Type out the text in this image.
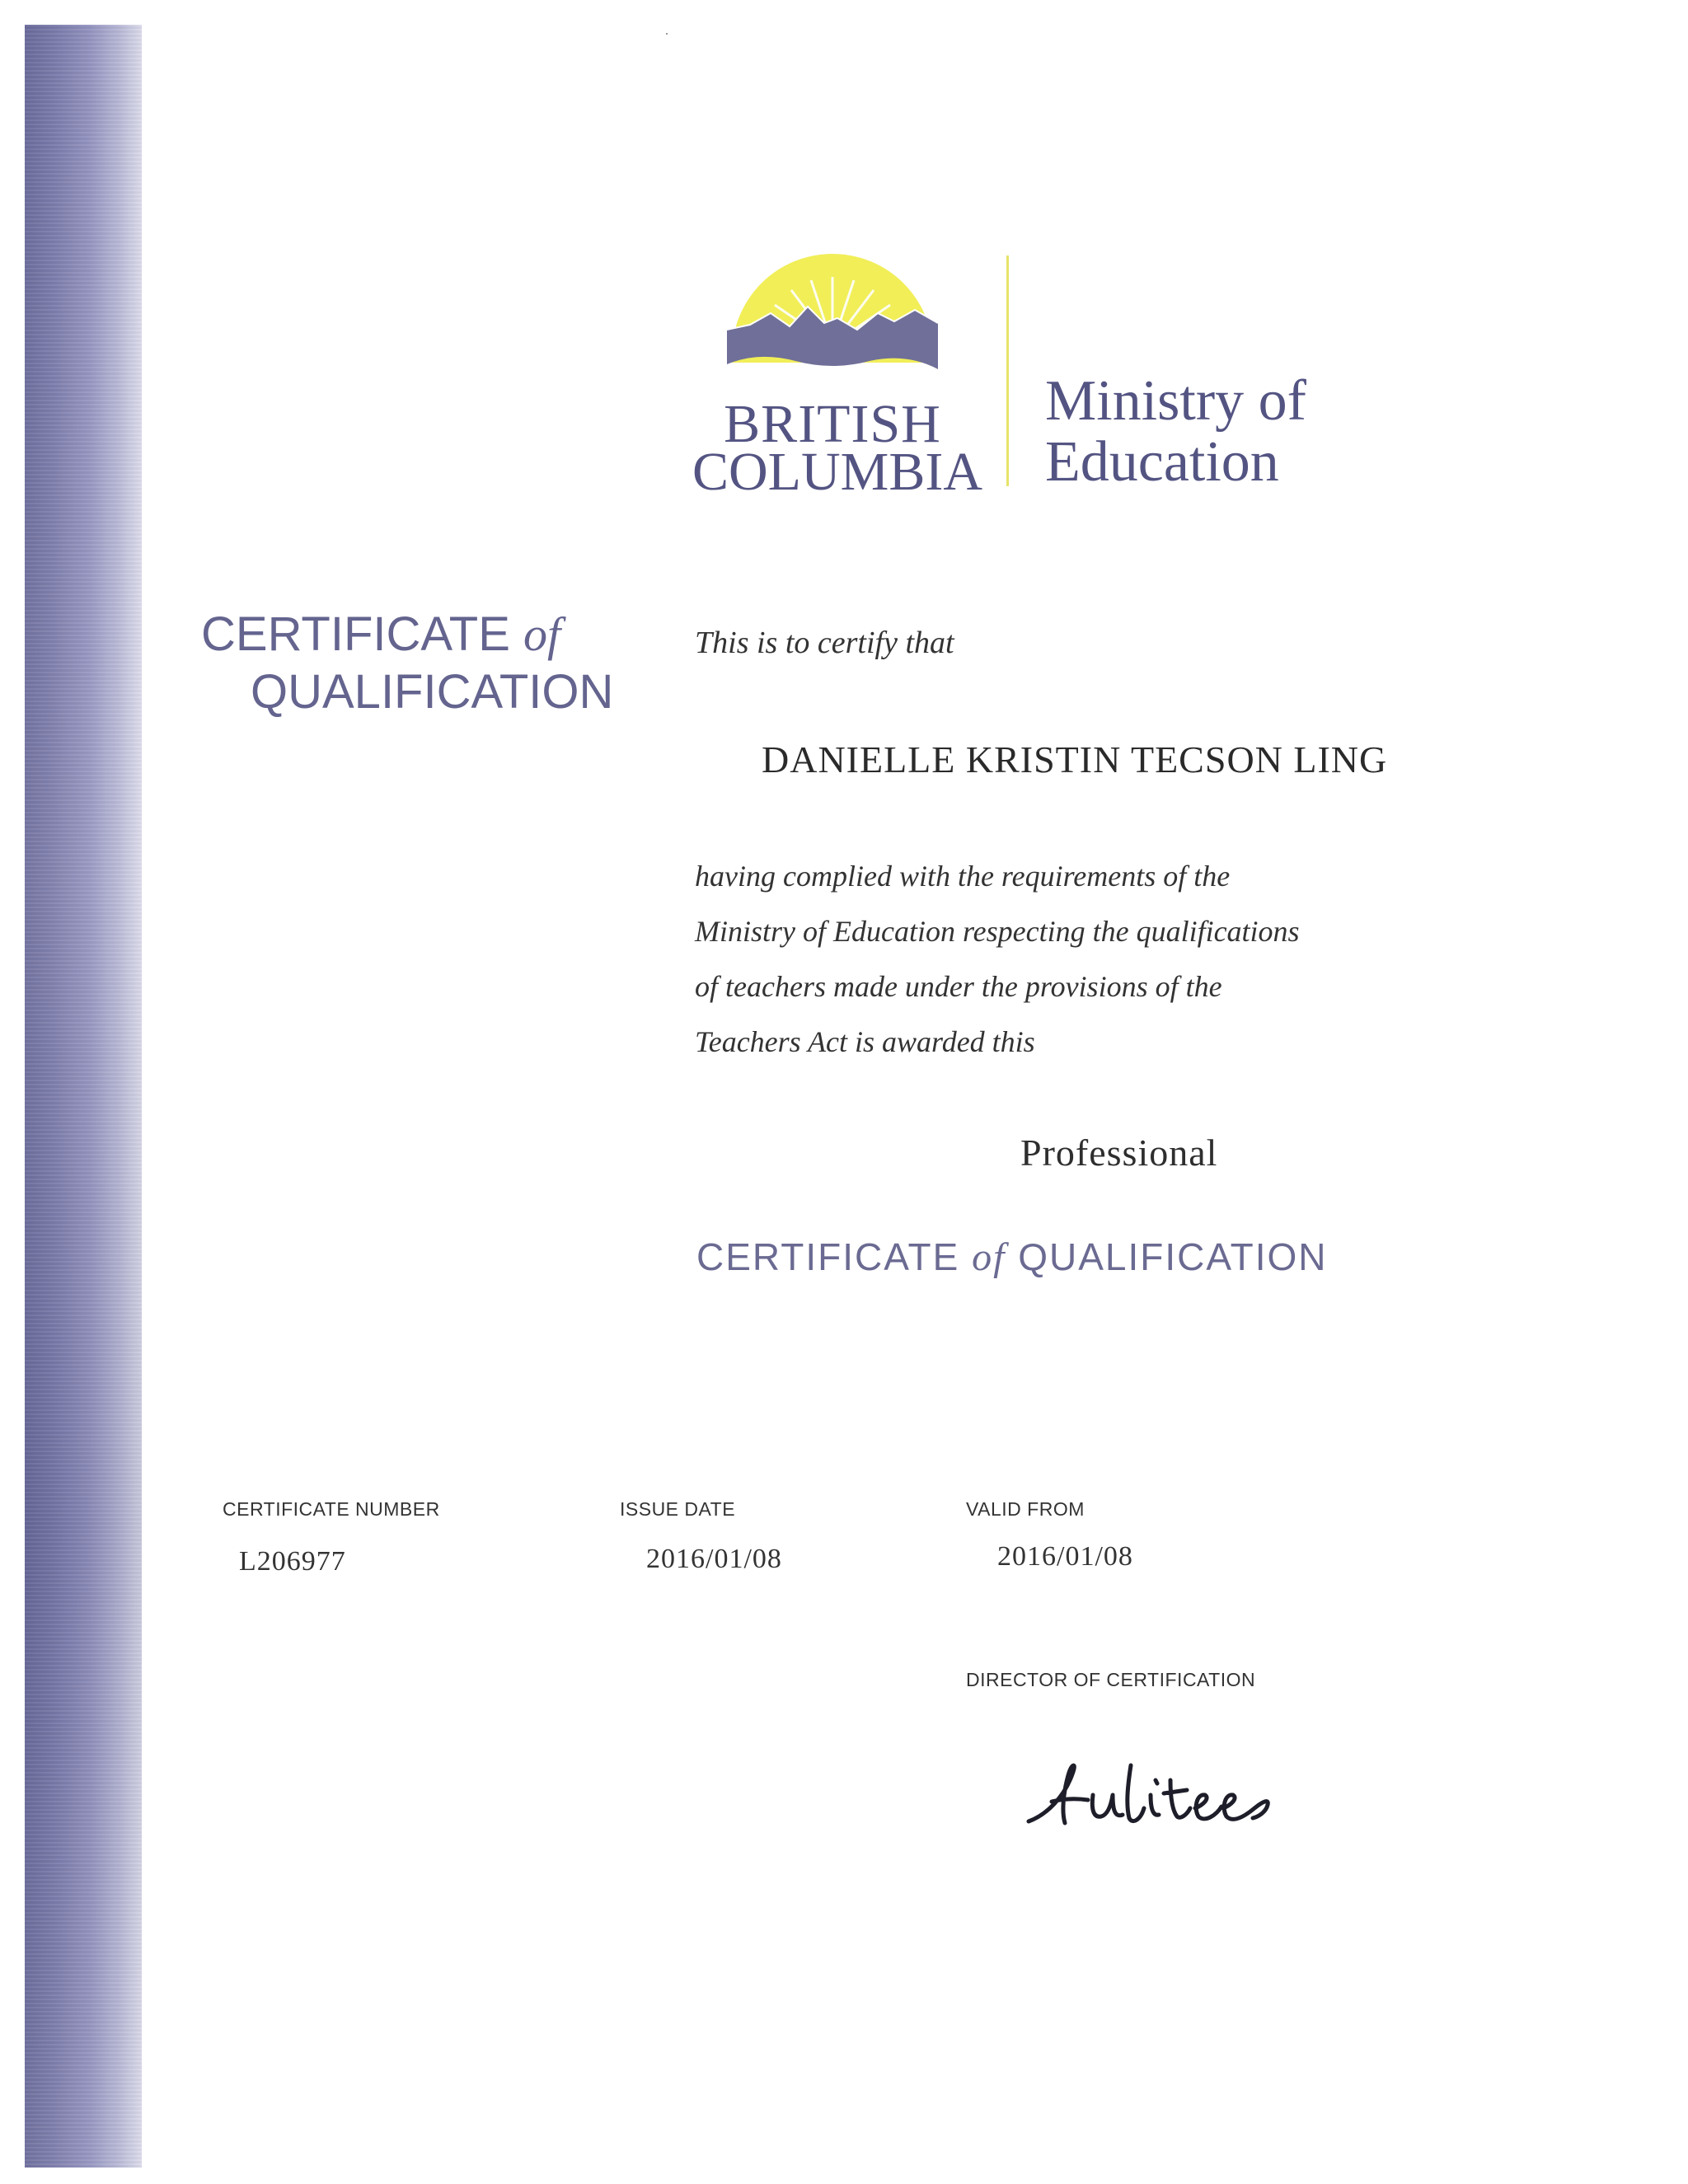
BRITISH
COLUMBIA
Ministry of
Education
CERTIFICATE of
QUALIFICATION
This is to certify that
DANIELLE KRISTIN TECSON LING
having complied with the requirements of the
Ministry of Education respecting the qualifications
of teachers made under the provisions of the
Teachers Act is awarded this
Professional
CERTIFICATE of QUALIFICATION
CERTIFICATE NUMBER	ISSUE DATE	VALID FROM
L206977	2016/01/08	2016/01/08
DIRECTOR OF CERTIFICATION
